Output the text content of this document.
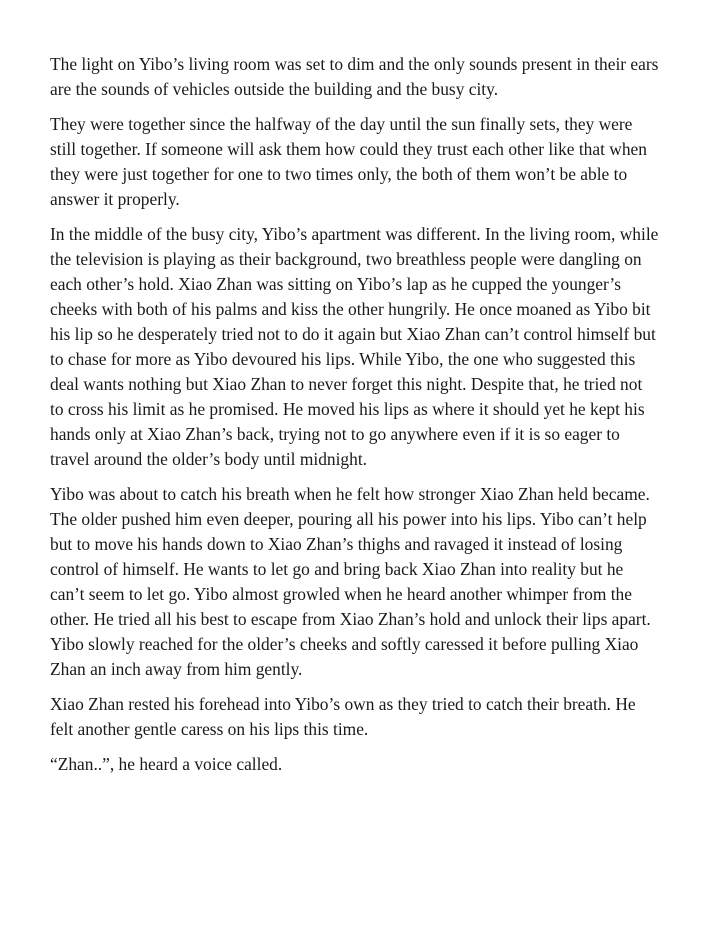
The light on Yibo’s living room was set to dim and the only sounds present in their ears are the sounds of vehicles outside the building and the busy city.

They were together since the halfway of the day until the sun finally sets, they were still together. If someone will ask them how could they trust each other like that when they were just together for one to two times only, the both of them won’t be able to answer it properly.

In the middle of the busy city, Yibo’s apartment was different. In the living room, while the television is playing as their background, two breathless people were dangling on each other’s hold. Xiao Zhan was sitting on Yibo’s lap as he cupped the younger’s cheeks with both of his palms and kiss the other hungrily. He once moaned as Yibo bit his lip so he desperately tried not to do it again but Xiao Zhan can’t control himself but to chase for more as Yibo devoured his lips. While Yibo, the one who suggested this deal wants nothing but Xiao Zhan to never forget this night. Despite that, he tried not to cross his limit as he promised. He moved his lips as where it should yet he kept his hands only at Xiao Zhan’s back, trying not to go anywhere even if it is so eager to travel around the older’s body until midnight.

Yibo was about to catch his breath when he felt how stronger Xiao Zhan held became. The older pushed him even deeper, pouring all his power into his lips. Yibo can’t help but to move his hands down to Xiao Zhan’s thighs and ravaged it instead of losing control of himself. He wants to let go and bring back Xiao Zhan into reality but he can’t seem to let go. Yibo almost growled when he heard another whimper from the other. He tried all his best to escape from Xiao Zhan’s hold and unlock their lips apart. Yibo slowly reached for the older’s cheeks and softly caressed it before pulling Xiao Zhan an inch away from him gently.

Xiao Zhan rested his forehead into Yibo’s own as they tried to catch their breath. He felt another gentle caress on his lips this time.

“Zhan..”, he heard a voice called.
